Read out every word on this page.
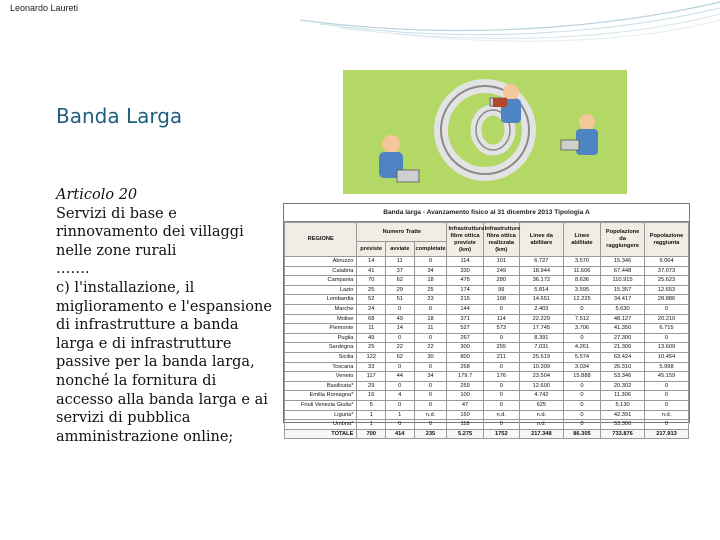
Leonardo Laureti
Banda Larga
Articolo 20
Servizi di base e rinnovamento dei villaggi nelle zone rurali
…….
c) l'installazione, il miglioramento e l'espansione di infrastrutture a banda larga e di infrastrutture passive per la banda larga, nonché la fornitura di accesso alla banda larga e ai servizi di pubblica amministrazione online;
Banda larga - Avanzamento fisico al 31 dicembre 2013 Tipologia A
REGIONE	Numero Tratte			Infrastruttura fibre ottica previste (km)	Infrastrutture fibra ottica realizzata (km)	Linee da abilitare	Linee abilitate	Popolazione da raggiungere	Popolazione raggiunta
	previste	avviate	completate						
Abruzzo	14	11	9	114	101	6.727	3.570	15.346	9.064
Calabria	41	37	34	330	249	18.944	11.606	67.448	37.073
Campania	70	62	18	475	280	36.172	8.636	110.915	25.623
Lazio	25	29	25	174	99	5.814	3.595	15.357	12.653
Lombardia	52	51	23	215	168	14.651	12.225	34.417	28.886
Marche	24	0	0	144	0	2.403	0	5.630	0
Molise	68	49	18	371	114	22.229	7.512	48.127	20.210
Piemonte	11	14	11	527	573	17.745	3.706	41.350	6.715
Puglia	49	0	0	267	0	8.391	0	27.300	0
Sardegna	25	22	22	300	255	7.031	4.261	21.306	13.609
Sicilia	122	62	30	800	211	25.619	5.574	63.424	10.454
Toscana	33	0	0	268	0	10.399	3.034	26.310	5.998
Veneto	117	44	34	179.7	176	23.504	15.888	53.346	45.159
Basilicata*	29	0	0	259	0	12.600	0	20.302	0
Emilia Romagna*	16	4	0	100	0	4.742	0	11.306	0
Friuli Venezia Giulia*	5	0	0	47	0	625	0	5.130	0
Liguria*	1	1	n.d.	160	n.d.	n.d.	0	42.391	n.d.
Umbria*	1	0	0	118	0	n.d.	0	53.300	0
TOTALE	700	414	235	5.275	1752	217.348	86.305	733.876	217.913
